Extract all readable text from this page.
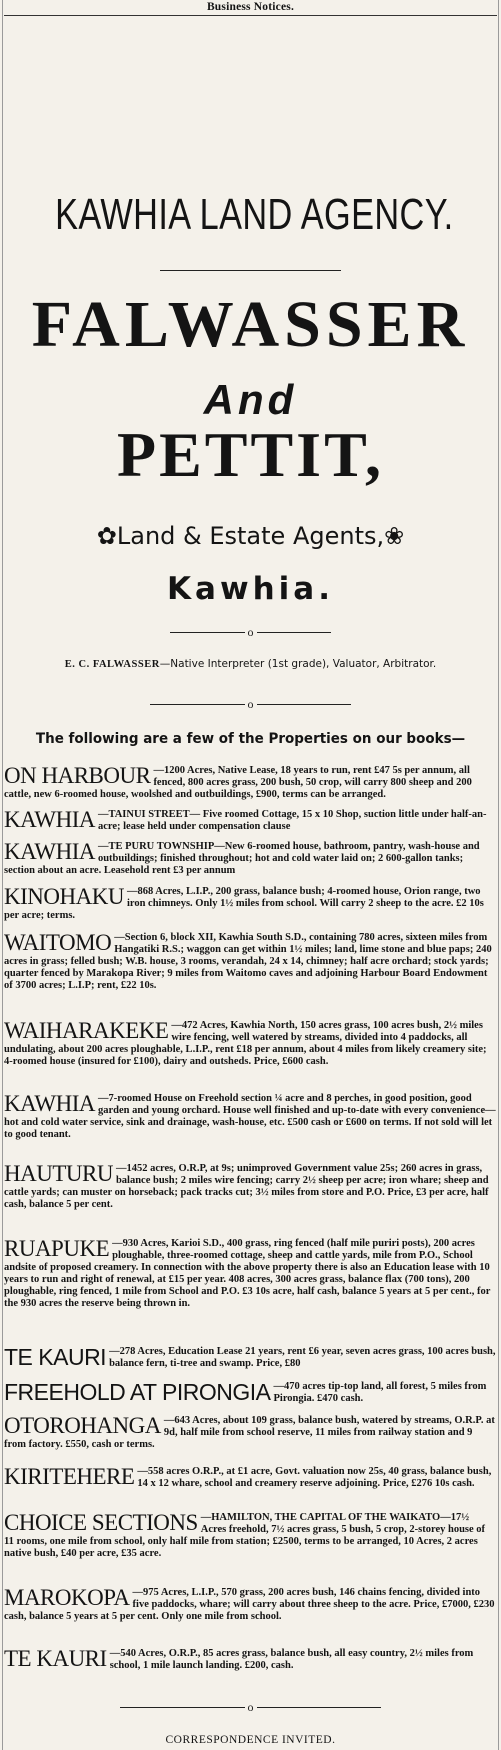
Business Notices.
KAWHIA LAND AGENCY.
FALWASSER
And
PETTIT,
✿Land & Estate Agents,❀
Kawhia.
o
E. C. FALWASSER—Native Interpreter (1st grade), Valuator, Arbitrator.
o
The following are a few of the Properties on our books—
ON HARBOUR —1200 Acres, Native Lease, 18 years to run, rent £47 5s per annum, all fenced, 800 acres grass, 200 bush, 50 crop, will carry 800 sheep and 200 cattle, new 6-roomed house, woolshed and outbuildings, £900, terms can be arranged.
KAWHIA —TAINUI STREET— Five roomed Cottage, 15 x 10 Shop, suction little under half-an-acre; lease held under compensation clause
KAWHIA —TE PURU TOWNSHIP—New 6-roomed house, bathroom, pantry, wash-house and outbuildings; finished throughout; hot and cold water laid on; 2 600-gallon tanks; section about an acre. Leasehold rent £3 per annum
KINOHAKU —868 Acres, L.I.P., 200 grass, balance bush; 4-roomed house, Orion range, two iron chimneys. Only 1½ miles from school. Will carry 2 sheep to the acre. £2 10s per acre; terms.
WAITOMO —Section 6, block XII, Kawhia South S.D., containing 780 acres, sixteen miles from Hangatiki R.S.; waggon can get within 1½ miles; land, lime stone and blue paps; 240 acres in grass; felled bush; W.B. house, 3 rooms, verandah, 24 x 14, chimney; half acre orchard; stock yards; quarter fenced by Marakopa River; 9 miles from Waitomo caves and adjoining Harbour Board Endowment of 3700 acres; L.I.P; rent, £22 10s.
WAIHARAKEKE —472 Acres, Kawhia North, 150 acres grass, 100 acres bush, 2½ miles wire fencing, well watered by streams, divided into 4 paddocks, all undulating, about 200 acres ploughable, L.I.P., rent £18 per annum, about 4 miles from likely creamery site; 4-roomed house (insured for £100), dairy and outsheds. Price, £600 cash.
KAWHIA —7-roomed House on Freehold section ¼ acre and 8 perches, in good position, good garden and young orchard. House well finished and up-to-date with every convenience—hot and cold water service, sink and drainage, wash-house, etc. £500 cash or £600 on terms. If not sold will let to good tenant.
HAUTURU —1452 acres, O.R.P, at 9s; unimproved Government value 25s; 260 acres in grass, balance bush; 2 miles wire fencing; carry 2½ sheep per acre; iron whare; sheep and cattle yards; can muster on horseback; pack tracks cut; 3½ miles from store and P.O. Price, £3 per acre, half cash, balance 5 per cent.
RUAPUKE —930 Acres, Karioi S.D., 400 grass, ring fenced (half mile puriri posts), 200 acres ploughable, three-roomed cottage, sheep and cattle yards, mile from P.O., School andsite of proposed creamery. In connection with the above property there is also an Education lease with 10 years to run and right of renewal, at £15 per year. 408 acres, 300 acres grass, balance flax (700 tons), 200 ploughable, ring fenced, 1 mile from School and P.O. £3 10s acre, half cash, balance 5 years at 5 per cent., for the 930 acres the reserve being thrown in.
TE KAURI —278 Acres, Education Lease 21 years, rent £6 year, seven acres grass, 100 acres bush, balance fern, ti-tree and swamp. Price, £80
FREEHOLD AT PIRONGIA —470 acres tip-top land, all forest, 5 miles from Pirongia. £470 cash.
OTOROHANGA —643 Acres, about 109 grass, balance bush, watered by streams, O.R.P. at 9d, half mile from school reserve, 11 miles from railway station and 9 from factory. £550, cash or terms.
KIRITEHERE —558 acres O.R.P., at £1 acre, Govt. valuation now 25s, 40 grass, balance bush, 14 x 12 whare, school and creamery reserve adjoining. Price, £276 10s cash.
CHOICE SECTIONS —HAMILTON, THE CAPITAL OF THE WAIKATO—17½ Acres freehold, 7½ acres grass, 5 bush, 5 crop, 2-storey house of 11 rooms, one mile from school, only half mile from station; £2500, terms to be arranged, 10 Acres, 2 acres native bush, £40 per acre, £35 acre.
MAROKOPA —975 Acres, L.I.P., 570 grass, 200 acres bush, 146 chains fencing, divided into five paddocks, whare; will carry about three sheep to the acre. Price, £7000, £230 cash, balance 5 years at 5 per cent. Only one mile from school.
TE KAURI —540 Acres, O.R.P., 85 acres grass, balance bush, all easy country, 2½ miles from school, 1 mile launch landing. £200, cash.
o
CORRESPONDENCE INVITED.
